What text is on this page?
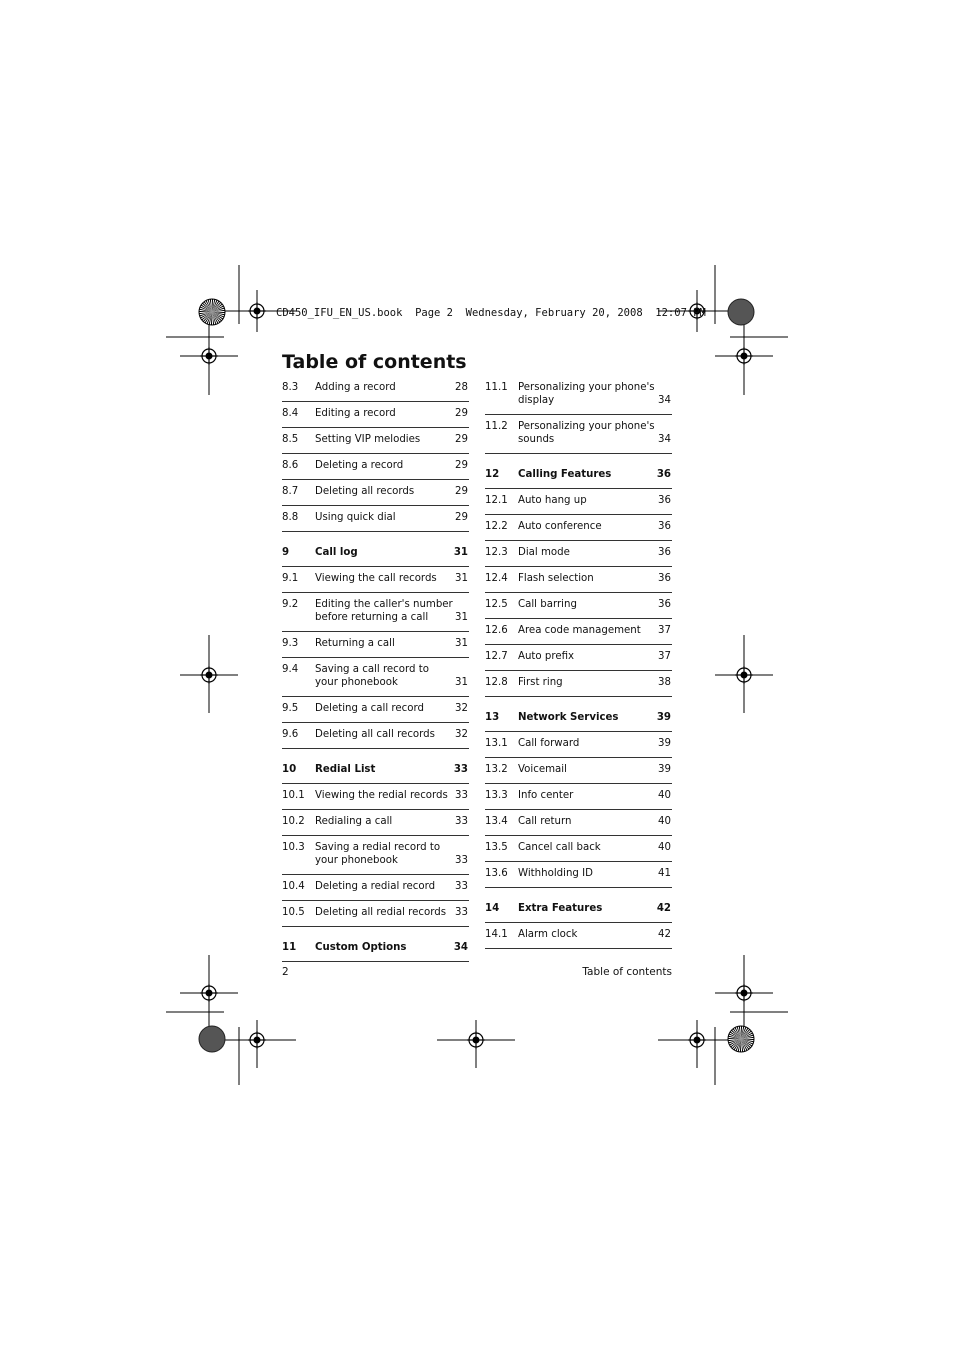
CD450_IFU_EN_US.book  Page 2  Wednesday, February 20, 2008  12:07 PM
Table of contents
8.3 Adding a record	28
8.4 Editing a record	29
8.5 Setting VIP melodies	29
8.6 Deleting a record	29
8.7 Deleting all records	29
8.8 Using quick dial	29
9	Call log	31
9.1 Viewing the call records	31
9.2 Editing the caller's number before returning a call	31
9.3 Returning a call	31
9.4 Saving a call record to your phonebook	31
9.5 Deleting a call record	32
9.6 Deleting all call records	32
10 Redial List	33
10.1 Viewing the redial records 33
10.2 Redialing a call	33
10.3 Saving a redial record to your phonebook	33
10.4 Deleting a redial record	33
10.5 Deleting all redial records 33
11 Custom Options	34
11.1 Personalizing your phone's display	34
11.2 Personalizing your phone's sounds	34
12 Calling Features	36
12.1 Auto hang up	36
12.2 Auto conference	36
12.3 Dial mode	36
12.4 Flash selection	36
12.5 Call barring	36
12.6 Area code management	37
12.7 Auto prefix	37
12.8 First ring	38
13 Network Services	39
13.1 Call forward	39
13.2 Voicemail	39
13.3 Info center	40
13.4 Call return	40
13.5 Cancel call back	40
13.6 Withholding ID	41
14 Extra Features	42
14.1 Alarm clock	42
2	Table of contents
